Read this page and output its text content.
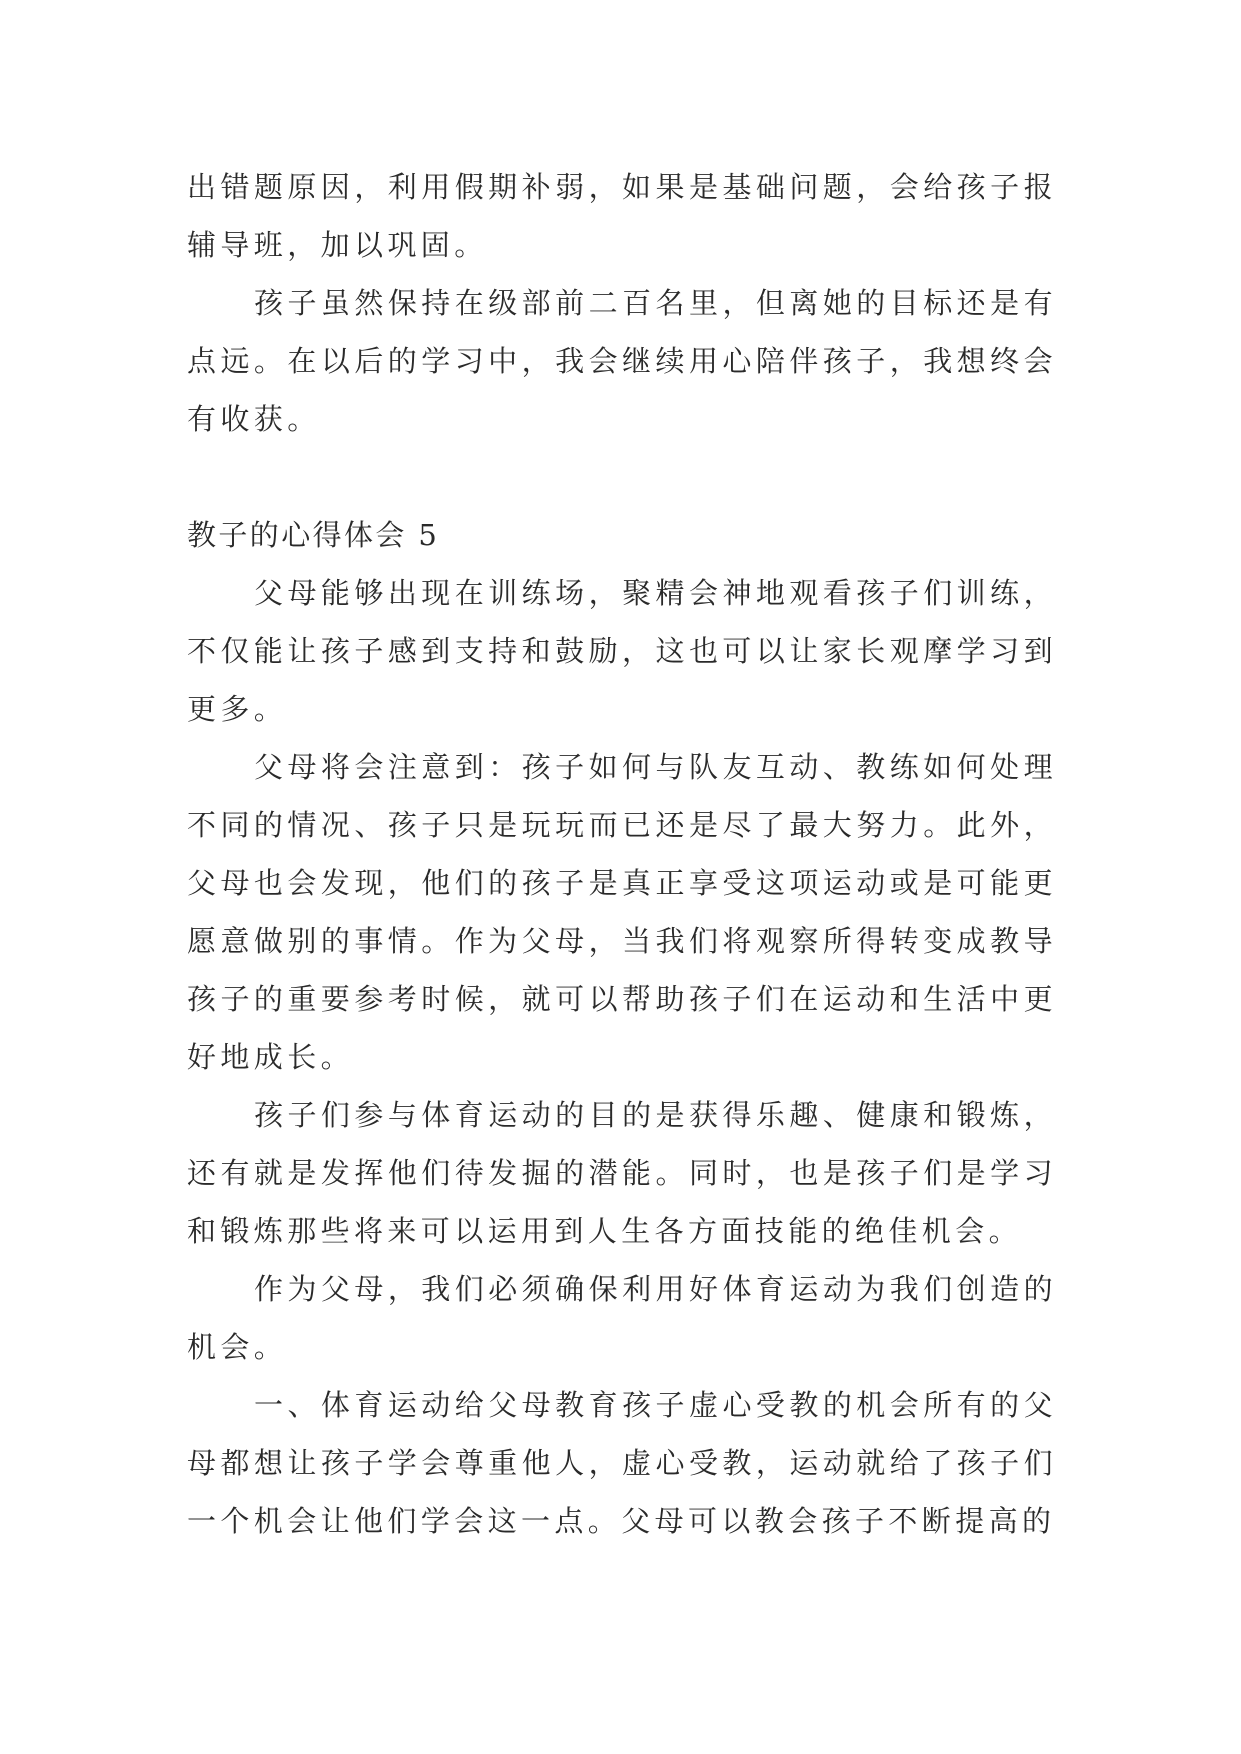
出错题原因，利用假期补弱，如果是基础问题，会给孩子报辅导班，加以巩固。

孩子虽然保持在级部前二百名里，但离她的目标还是有点远。在以后的学习中，我会继续用心陪伴孩子，我想终会有收获。

教子的心得体会 5

父母能够出现在训练场，聚精会神地观看孩子们训练，不仅能让孩子感到支持和鼓励，这也可以让家长观摩学习到更多。

父母将会注意到：孩子如何与队友互动、教练如何处理不同的情况、孩子只是玩玩而已还是尽了最大努力。此外，父母也会发现，他们的孩子是真正享受这项运动或是可能更愿意做别的事情。作为父母，当我们将观察所得转变成教导孩子的重要参考时候，就可以帮助孩子们在运动和生活中更好地成长。

孩子们参与体育运动的目的是获得乐趣、健康和锻炼，还有就是发挥他们待发掘的潜能。同时，也是孩子们是学习和锻炼那些将来可以运用到人生各方面技能的绝佳机会。

作为父母，我们必须确保利用好体育运动为我们创造的机会。

一、体育运动给父母教育孩子虚心受教的机会所有的父母都想让孩子学会尊重他人，虚心受教，运动就给了孩子们一个机会让他们学会这一点。父母可以教会孩子不断提高的
